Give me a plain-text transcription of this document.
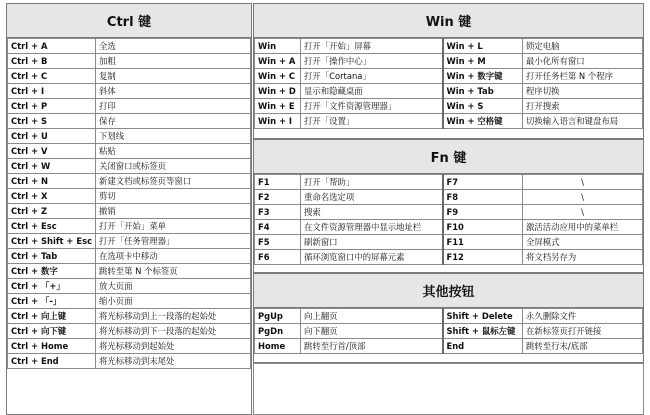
Ctrl 键
Ctrl + A	全选
Ctrl + B	加粗
Ctrl + C	复制
Ctrl + I	斜体
Ctrl + P	打印
Ctrl + S	保存
Ctrl + U	下划线
Ctrl + V	粘贴
Ctrl + W	关闭窗口或标签页
Ctrl + N	新建文档或标签页等窗口
Ctrl + X	剪切
Ctrl + Z	撤销
Ctrl + Esc	打开「开始」菜单
Ctrl + Shift + Esc	打开「任务管理器」
Ctrl + Tab	在选项卡中移动
Ctrl + 数字	跳转至第 N 个标签页
Ctrl + 「+」	放大页面
Ctrl + 「-」	缩小页面
Ctrl + 向上键	将光标移动到上一段落的起始处
Ctrl + 向下键	将光标移动到下一段落的起始处
Ctrl + Home	将光标移动到起始处
Ctrl + End	将光标移动到末尾处
Win 键
Win	打开「开始」屏幕	Win + L	锁定电脑
Win + A	打开「操作中心」	Win + M	最小化所有窗口
Win + C	打开「Cortana」	Win + 数字键	打开任务栏第 N 个程序
Win + D	显示和隐藏桌面	Win + Tab	程序切换
Win + E	打开「文件资源管理器」	Win + S	打开搜索
Win + I	打开「设置」	Win + 空格键	切换输入语言和键盘布局
Fn 键
F1	打开「帮助」	F7	\
F2	重命名选定项	F8	\
F3	搜索	F9	\
F4	在文件资源管理器中显示地址栏	F10	激活活动应用中的菜单栏
F5	刷新窗口	F11	全屏模式
F6	循环浏览窗口中的屏幕元素	F12	将文档另存为
其他按钮
PgUp	向上翻页	Shift + Delete	永久删除文件
PgDn	向下翻页	Shift + 鼠标左键	在新标签页打开链接
Home	跳转至行首/顶部	End	跳转至行末/底部
